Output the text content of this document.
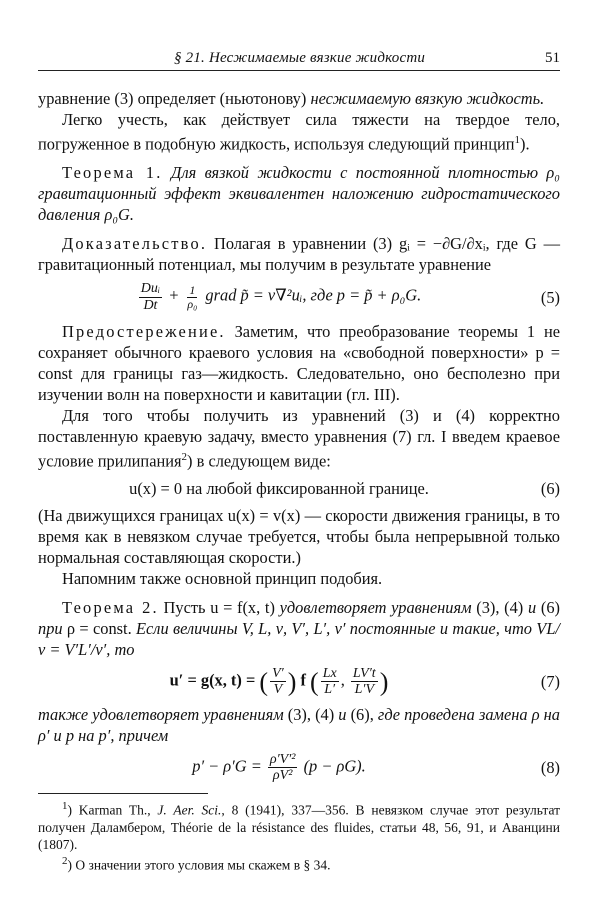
§ 21. Несжимаемые вязкие жидкости	51

уравнение (3) определяет (ньютонову) несжимаемую вязкую жидкость.

Легко учесть, как действует сила тяжести на твердое тело, погруженное в подобную жидкость, используя следующий принцип$^1$).

Теорема 1. Для вязкой жидкости с постоянной плотностью ρ₀ гравитационный эффект эквивалентен наложению гидростатического давления ρ₀G.

Доказательство. Полагая в уравнении (3) gᵢ = −∂G/∂xᵢ, где G — гравитационный потенциал, мы получим в результате уравнение

$\frac{\text{Duᵢ}}{Dt} + \frac{1}{\text{ρ₀}}$ grad p̃ = ν∇²uᵢ, где p = p̃ + ρ₀G.	(5)

Предостережение. Заметим, что преобразование теоремы 1 не сохраняет обычного краевого условия на «свободной поверхности» p = const для границы газ—жидкость. Следовательно, оно бесполезно при изучении волн на поверхности и кавитации (гл. III).

Для того чтобы получить из уравнений (3) и (4) корректно поставленную краевую задачу, вместо уравнения (7) гл. I введем краевое условие прилипания$^2$) в следующем виде:

u(x) = 0 на любой фиксированной границе.	(6)

(На движущихся границах u(x) = v(x) — скорости движения границы, в то время как в невязком случае требуется, чтобы была непрерывной только нормальная составляющая скорости.)

Напомним также основной принцип подобия.

Теорема 2. Пусть u = f(x, t) удовлетворяет уравнениям (3), (4) и (6) при ρ = const. Если величины V, L, ν, V′, L′, ν′ постоянные и такие, что VL/ν = V′L′/ν′, то

u′ = g(x, t) = ( $\frac{V'}{V}$ ) f ( $\frac{Lx}{L'}$ , $\frac{LV't}{L'V}$ )	(7)

также удовлетворяет уравнениям (3), (4) и (6), где проведена замена ρ на ρ′ и p на p′, причем

$p' - \rho'G = \frac{\text{ρ′V′²}}{\text{ρV²}} (p - \rho G)$.	(8)

$^1$) Karman Th., J. Aer. Sci., 8 (1941), 337—356. В невязком случае этот результат получен Даламбером, Théorie de la résistance des fluides, статьи 48, 56, 91, и Аванцини (1807).

$^2$) О значении этого условия мы скажем в § 34.
